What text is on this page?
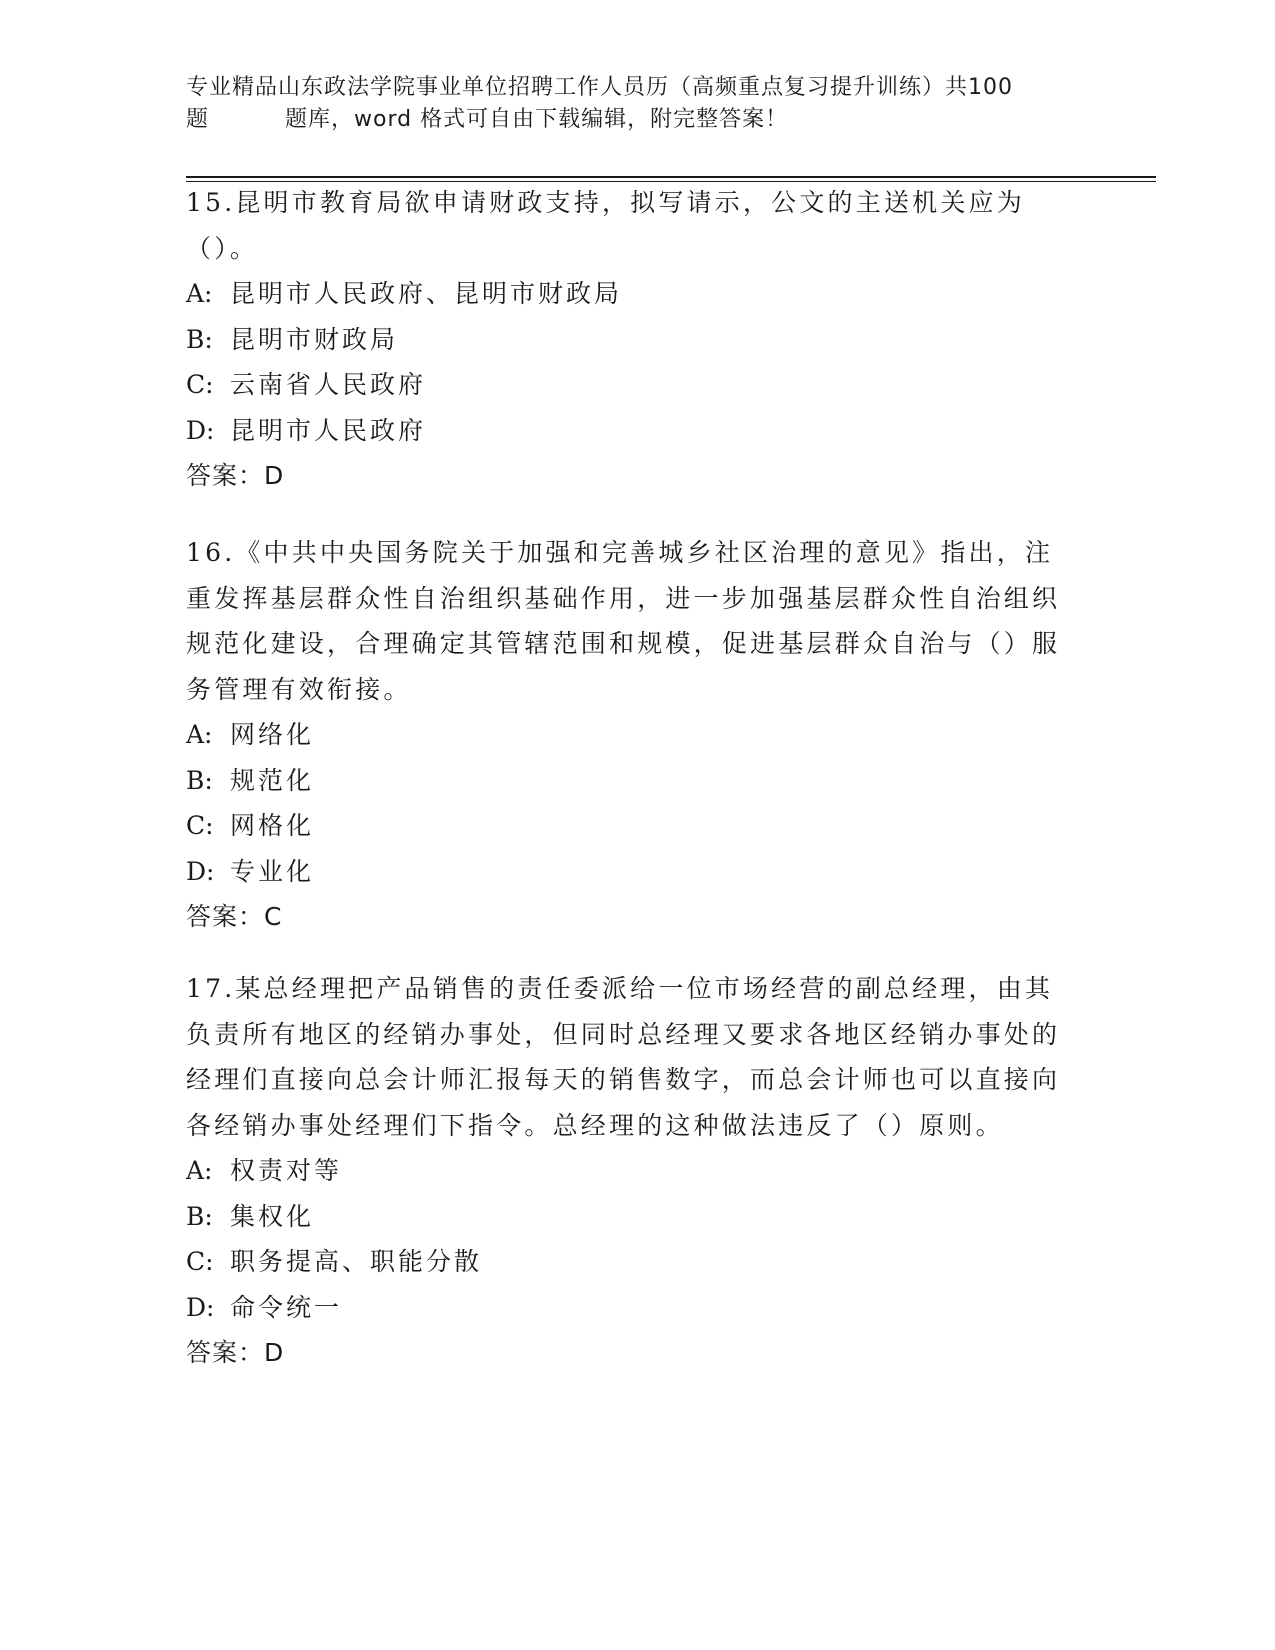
专业精品山东政法学院事业单位招聘工作人员历（高频重点复习提升训练）共100
题	题库，word 格式可自由下载编辑，附完整答案！

15.昆明市教育局欲申请财政支持，拟写请示，公文的主送机关应为（）。

A: 昆明市人民政府、昆明市财政局

B: 昆明市财政局

C: 云南省人民政府

D: 昆明市人民政府

答案：D

16.《中共中央国务院关于加强和完善城乡社区治理的意见》指出，注重发挥基层群众性自治组织基础作用，进一步加强基层群众性自治组织规范化建设，合理确定其管辖范围和规模，促进基层群众自治与（）服务管理有效衔接。

A: 网络化

B: 规范化

C: 网格化

D: 专业化

答案：C

17.某总经理把产品销售的责任委派给一位市场经营的副总经理，由其负责所有地区的经销办事处，但同时总经理又要求各地区经销办事处的经理们直接向总会计师汇报每天的销售数字，而总会计师也可以直接向各经销办事处经理们下指令。总经理的这种做法违反了（）原则。

A: 权责对等

B: 集权化

C: 职务提高、职能分散

D: 命令统一

答案：D
